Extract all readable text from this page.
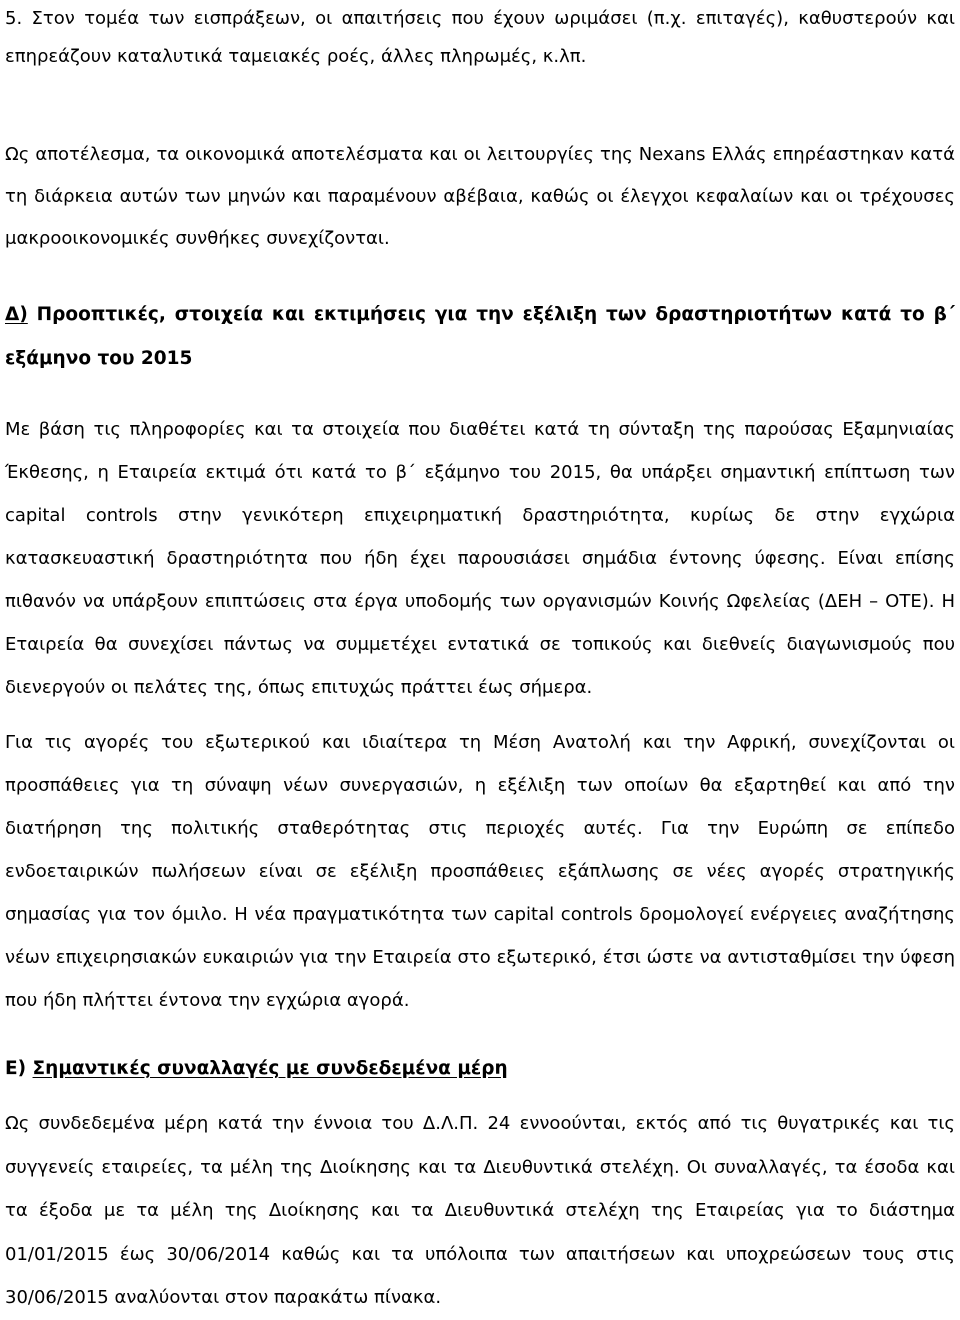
5. Στον τομέα των εισπράξεων, οι απαιτήσεις που έχουν ωριμάσει (π.χ. επιταγές), καθυστερούν και επηρεάζουν καταλυτικά ταμειακές ροές, άλλες πληρωμές, κ.λπ.

Ως αποτέλεσμα, τα οικονομικά αποτελέσματα και οι λειτουργίες της Nexans Ελλάς επηρέαστηκαν κατά τη διάρκεια αυτών των μηνών και παραμένουν αβέβαια, καθώς οι έλεγχοι κεφαλαίων και οι τρέχουσες μακροοικονομικές συνθήκες συνεχίζονται.

Δ) Προοπτικές, στοιχεία και εκτιμήσεις για την εξέλιξη των δραστηριοτήτων κατά το β΄ εξάμηνο του 2015

Με βάση τις πληροφορίες και τα στοιχεία που διαθέτει κατά τη σύνταξη της παρούσας Εξαμηνιαίας Έκθεσης, η Εταιρεία εκτιμά ότι κατά το β΄ εξάμηνο του 2015, θα υπάρξει σημαντική επίπτωση των capital controls στην γενικότερη επιχειρηματική δραστηριότητα, κυρίως δε στην εγχώρια κατασκευαστική δραστηριότητα που ήδη έχει παρουσιάσει σημάδια έντονης ύφεσης. Είναι επίσης πιθανόν να υπάρξουν επιπτώσεις στα έργα υποδομής των οργανισμών Κοινής Ωφελείας (ΔΕΗ – ΟΤΕ). Η Εταιρεία θα συνεχίσει πάντως να συμμετέχει εντατικά σε τοπικούς και διεθνείς διαγωνισμούς που διενεργούν οι πελάτες της, όπως επιτυχώς πράττει έως σήμερα.

Για τις αγορές του εξωτερικού και ιδιαίτερα τη Μέση Ανατολή και την Αφρική, συνεχίζονται οι προσπάθειες για τη σύναψη νέων συνεργασιών, η εξέλιξη των οποίων θα εξαρτηθεί και από την διατήρηση της πολιτικής σταθερότητας στις περιοχές αυτές. Για την Ευρώπη σε επίπεδο ενδοεταιρικών πωλήσεων είναι σε εξέλιξη προσπάθειες εξάπλωσης σε νέες αγορές στρατηγικής σημασίας για τον όμιλο. Η νέα πραγματικότητα των capital controls δρομολογεί ενέργειες αναζήτησης νέων επιχειρησιακών ευκαιριών για την Εταιρεία στο εξωτερικό, έτσι ώστε να αντισταθμίσει την ύφεση που ήδη πλήττει έντονα την εγχώρια αγορά.

Ε) Σημαντικές συναλλαγές με συνδεδεμένα μέρη

Ως συνδεδεμένα μέρη κατά την έννοια του Δ.Λ.Π. 24 εννοούνται, εκτός από τις θυγατρικές και τις συγγενείς εταιρείες, τα μέλη της Διοίκησης και τα Διευθυντικά στελέχη. Οι συναλλαγές, τα έσοδα και τα έξοδα με τα μέλη της Διοίκησης και τα Διευθυντικά στελέχη της Εταιρείας για το διάστημα 01/01/2015 έως 30/06/2014 καθώς και τα υπόλοιπα των απαιτήσεων και υποχρεώσεων τους στις 30/06/2015 αναλύονται στον παρακάτω πίνακα.
